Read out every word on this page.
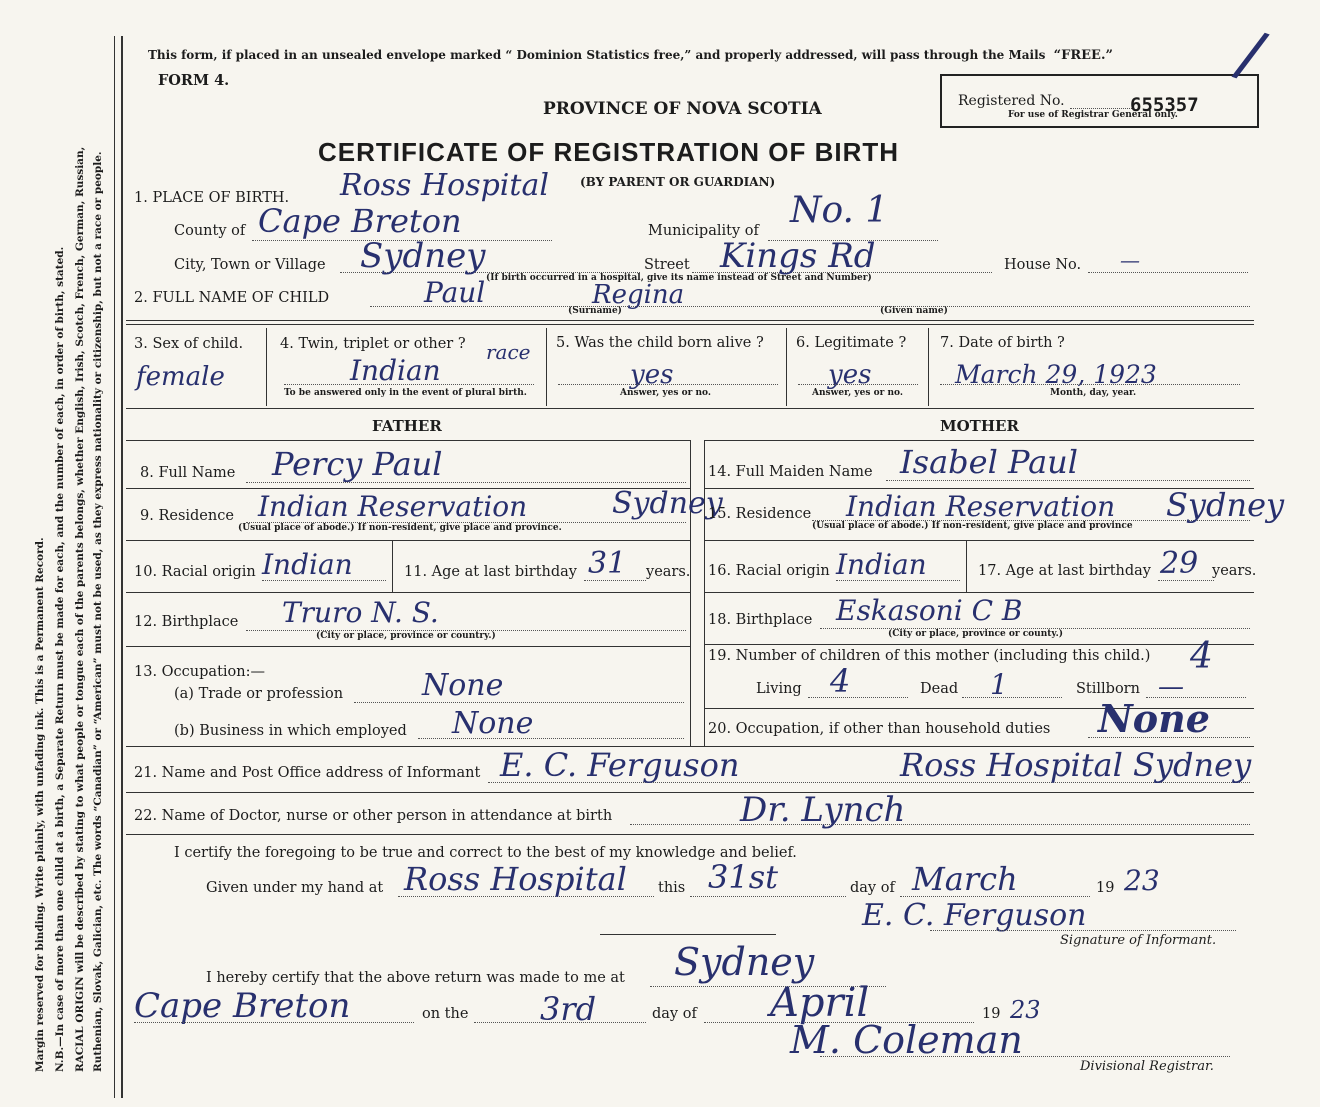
Margin reserved for binding. Write plainly, with unfading ink. This is a Permanent Record. N.B.—In case of more than one child at a birth, a Separate Return must be made for each, and the number of each, in order of birth, stated. RACIAL ORIGIN will be described by stating to what people or tongue each of the parents belongs, whether English, Irish, Scotch, French, German, Russian, Ruthenian, Slovak, Galician, etc. The words “Canadian” or “American” must not be used, as they express nationality or citizenship, but not a race or people.
This form, if placed in an unsealed envelope marked “ Dominion Statistics free,” and properly addressed, will pass through the Mails “FREE.”
FORM 4.
PROVINCE OF NOVA SCOTIA	Registered No.	655357
For use of Registrar General only.
/
CERTIFICATE OF REGISTRATION OF BIRTH
(BY PARENT OR GUARDIAN)
1. PLACE OF BIRTH. Ross Hospital
County of Cape Breton	Municipality of No. 1
City, Town or Village Sydney	Street Kings Rd	House No. —
(If birth occurred in a hospital, give its name instead of Street and Number)
2. FULL NAME OF CHILD	Paul	Regina
(Surname)	(Given name)
3. Sex of child.
female
4. Twin, triplet or other ?
Indian
race
To be answered only in the event of plural birth.
5. Was the child born alive ?
yes
Answer, yes or no.
6. Legitimate ?
yes
Answer, yes or no.
7. Date of birth ?
March 29, 1923
Month, day, year.
FATHER	MOTHER
8. Full Name Percy Paul
9. Residence Indian Reservation	Sydney
(Usual place of abode.) If non-resident, give place and province.
10. Racial origin Indian	11. Age at last birthday 31 years.
12. Birthplace Truro N. S.
(City or place, province or country.)
13. Occupation:—
(a) Trade or profession	None
(b) Business in which employed None
14. Full Maiden Name Isabel Paul
15. Residence Indian Reservation Sydney
(Usual place of abode.) If non-resident, give place and province
16. Racial origin Indian	17. Age at last birthday 29 years.
18. Birthplace Eskasoni C B
(City or place, province or county.)
19. Number of children of this mother (including this child.) 4
Living 4	Dead 1	Stillborn —
20. Occupation, if other than household duties None
21. Name and Post Office address of Informant E. C. Ferguson	Ross Hospital Sydney
22. Name of Doctor, nurse or other person in attendance at birth	Dr. Lynch
I certify the foregoing to be true and correct to the best of my knowledge and belief.
Given under my hand at Ross Hospital this 31st	day of March	19 23
E. C. Ferguson
Signature of Informant.
I hereby certify that the above return was made to me at Sydney
Cape Breton	on the 3rd	day of April	19 23
M. Coleman
Divisional Registrar.
